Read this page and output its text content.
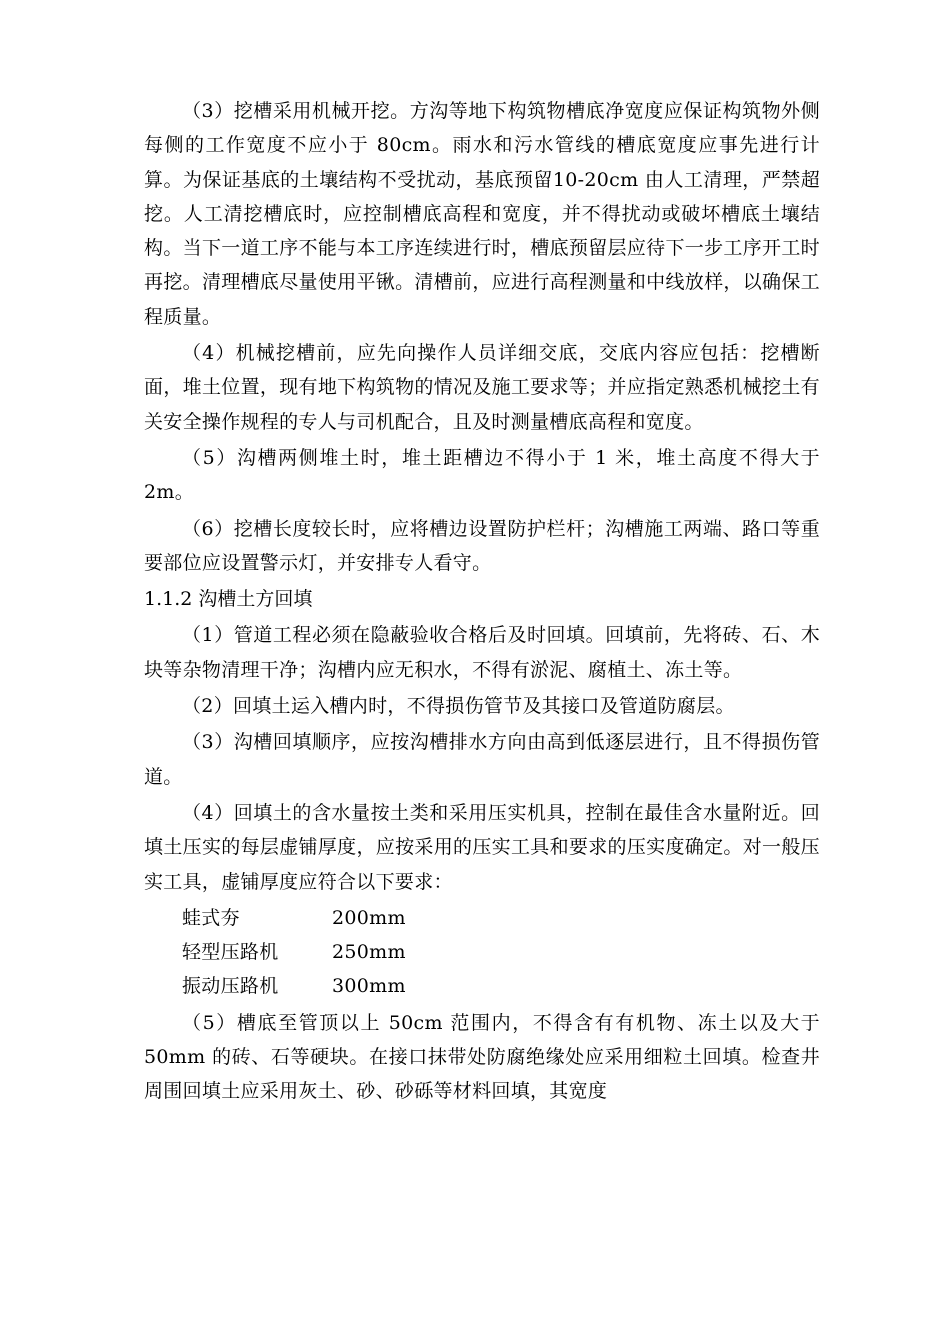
（3）挖槽采用机械开挖。方沟等地下构筑物槽底净宽度应保证构筑物外侧每侧的工作宽度不应小于 80cm。雨水和污水管线的槽底宽度应事先进行计算。为保证基底的土壤结构不受扰动，基底预留10-20cm 由人工清理，严禁超挖。人工清挖槽底时，应控制槽底高程和宽度，并不得扰动或破坏槽底土壤结构。当下一道工序不能与本工序连续进行时，槽底预留层应待下一步工序开工时再挖。清理槽底尽量使用平锹。清槽前，应进行高程测量和中线放样，以确保工程质量。

（4）机械挖槽前，应先向操作人员详细交底，交底内容应包括：挖槽断面，堆土位置，现有地下构筑物的情况及施工要求等；并应指定熟悉机械挖土有关安全操作规程的专人与司机配合，且及时测量槽底高程和宽度。

（5）沟槽两侧堆土时，堆土距槽边不得小于 1 米，堆土高度不得大于 2m。

（6）挖槽长度较长时，应将槽边设置防护栏杆；沟槽施工两端、路口等重要部位应设置警示灯，并安排专人看守。

1.1.2 沟槽土方回填

（1）管道工程必须在隐蔽验收合格后及时回填。回填前，先将砖、石、木块等杂物清理干净；沟槽内应无积水，不得有淤泥、腐植土、冻土等。

（2）回填土运入槽内时，不得损伤管节及其接口及管道防腐层。

（3）沟槽回填顺序，应按沟槽排水方向由高到低逐层进行，且不得损伤管道。

（4）回填土的含水量按土类和采用压实机具，控制在最佳含水量附近。回填土压实的每层虚铺厚度，应按采用的压实工具和要求的压实度确定。对一般压实工具，虚铺厚度应符合以下要求：

蛙式夯	200mm
轻型压路机	250mm
振动压路机	300mm

（5）槽底至管顶以上 50cm 范围内，不得含有有机物、冻土以及大于 50mm 的砖、石等硬块。在接口抹带处防腐绝缘处应采用细粒土回填。检查井周围回填土应采用灰土、砂、砂砾等材料回填，其宽度
